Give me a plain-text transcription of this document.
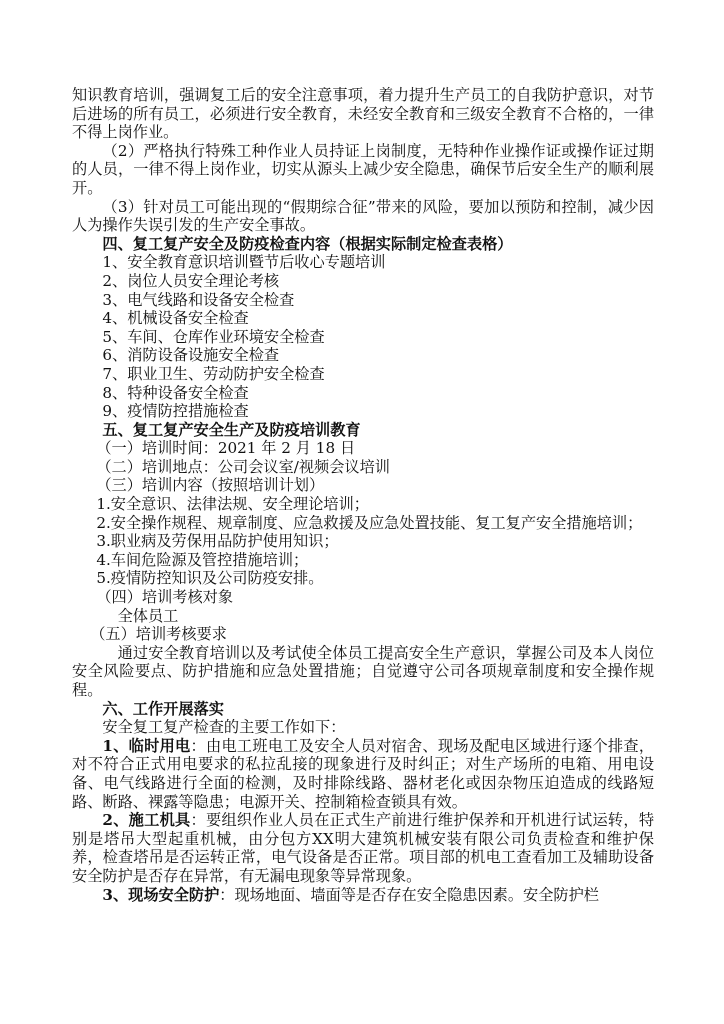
知识教育培训，强调复工后的安全注意事项，着力提升生产员工的自我防护意识，对节后进场的所有员工，必须进行安全教育，未经安全教育和三级安全教育不合格的，一律不得上岗作业。

（2）严格执行特殊工种作业人员持证上岗制度，无特种作业操作证或操作证过期的人员，一律不得上岗作业，切实从源头上减少安全隐患，确保节后安全生产的顺利展开。

（3）针对员工可能出现的“假期综合征”带来的风险，要加以预防和控制，减少因人为操作失误引发的生产安全事故。

四、复工复产安全及防疫检查内容（根据实际制定检查表格）

1、安全教育意识培训暨节后收心专题培训

2、岗位人员安全理论考核

3、电气线路和设备安全检查

4、机械设备安全检查

5、车间、仓库作业环境安全检查

6、消防设备设施安全检查

7、职业卫生、劳动防护安全检查

8、特种设备安全检查

9、疫情防控措施检查

五、复工复产安全生产及防疫培训教育

（一）培训时间：2021 年 2 月 18 日

（二）培训地点：公司会议室/视频会议培训

（三）培训内容（按照培训计划）

1.安全意识、法律法规、安全理论培训；

2.安全操作规程、规章制度、应急救援及应急处置技能、复工复产安全措施培训；

3.职业病及劳保用品防护使用知识；

4.车间危险源及管控措施培训；

5.疫情防控知识及公司防疫安排。

（四）培训考核对象

全体员工

（五）培训考核要求

通过安全教育培训以及考试使全体员工提高安全生产意识，掌握公司及本人岗位安全风险要点、防护措施和应急处置措施；自觉遵守公司各项规章制度和安全操作规程。

六、工作开展落实

安全复工复产检查的主要工作如下：

1、临时用电：由电工班电工及安全人员对宿舍、现场及配电区域进行逐个排查，对不符合正式用电要求的私拉乱接的现象进行及时纠正；对生产场所的电箱、用电设备、电气线路进行全面的检测，及时排除线路、器材老化或因杂物压迫造成的线路短路、断路、裸露等隐患；电源开关、控制箱检查锁具有效。

2、施工机具：要组织作业人员在正式生产前进行维护保养和开机进行试运转，特别是塔吊大型起重机械，由分包方XX明大建筑机械安装有限公司负责检查和维护保养，检查塔吊是否运转正常，电气设备是否正常。项目部的机电工查看加工及辅助设备安全防护是否存在异常，有无漏电现象等异常现象。

3、现场安全防护：现场地面、墙面等是否存在安全隐患因素。安全防护栏
